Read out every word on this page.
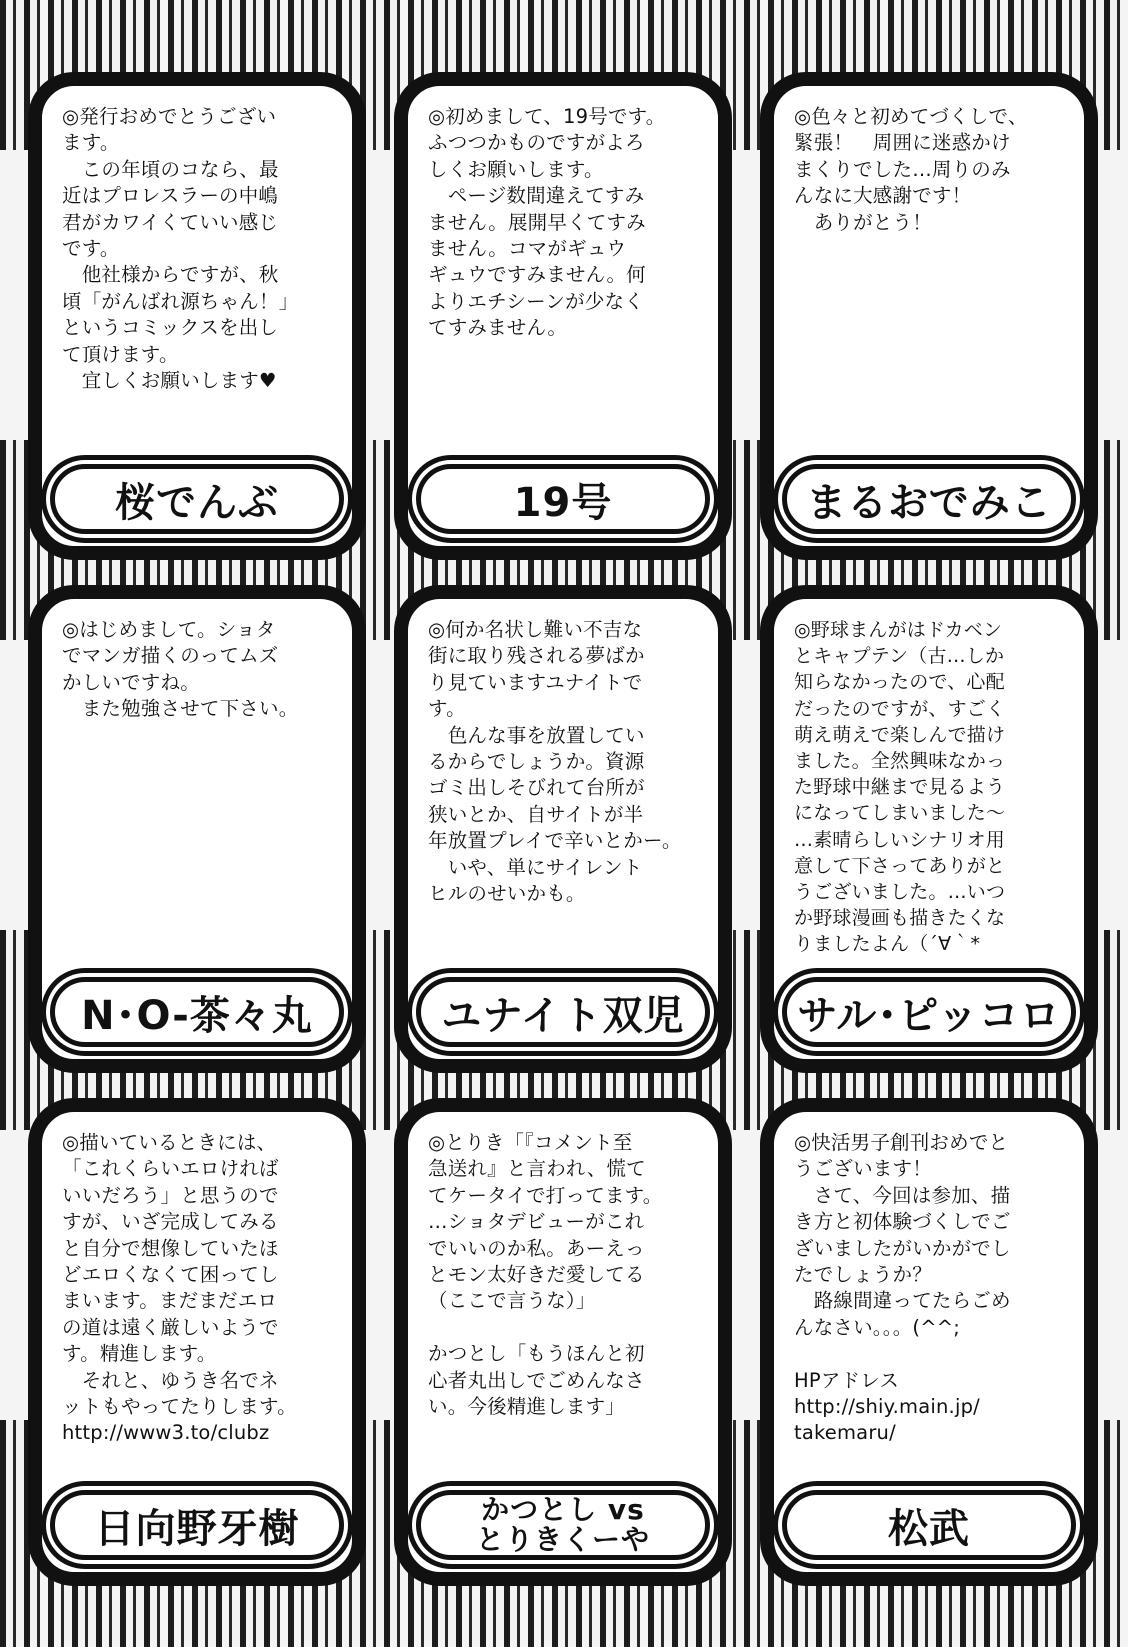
◎発行おめでとうござい
ます。
　この年頃のコなら、最
近はプロレスラーの中嶋
君がカワイくていい感じ
です。
　他社様からですが、秋
頃「がんばれ源ちゃん！」
というコミックスを出し
て頂けます。
　宜しくお願いします♥
桜でんぶ
◎初めまして、19号です。
ふつつかものですがよろ
しくお願いします。
　ページ数間違えてすみ
ません。展開早くてすみ
ません。コマがギュウ
ギュウですみません。何
よりエチシーンが少なく
てすみません。
19号
◎色々と初めてづくしで、
緊張！　周囲に迷惑かけ
まくりでした…周りのみ
んなに大感謝です！
　ありがとう！
まるおでみこ
◎はじめまして。ショタ
でマンガ描くのってムズ
かしいですね。
　また勉強させて下さい。
N･O-茶々丸
◎何か名状し難い不吉な
街に取り残される夢ばか
り見ていますユナイトで
す。
　色んな事を放置してい
るからでしょうか。資源
ゴミ出しそびれて台所が
狭いとか、自サイトが半
年放置プレイで辛いとかー。
　いや、単にサイレント
ヒルのせいかも。
ユナイト双児
◎野球まんがはドカベン
とキャプテン（古…しか
知らなかったので、心配
だったのですが、すごく
萌え萌えで楽しんで描け
ました。全然興味なかっ
た野球中継まで見るよう
になってしまいました～
…素晴らしいシナリオ用
意して下さってありがと
うございました。…いつ
か野球漫画も描きたくな
りましたよん（´∀｀*
サル･ピッコロ
◎描いているときには、
「これくらいエロければ
いいだろう」と思うので
すが、いざ完成してみる
と自分で想像していたほ
どエロくなくて困ってし
まいます。まだまだエロ
の道は遠く厳しいようで
す。精進します。
　それと、ゆうき名でネ
ットもやってたりします。
http://www3.to/clubz
日向野牙樹
◎とりき「『コメント至
急送れ』と言われ、慌て
てケータイで打ってます。
…ショタデビューがこれ
でいいのか私。あーえっ
とモン太好きだ愛してる
（ここで言うな）」

かつとし「もうほんと初
心者丸出しでごめんなさ
い。今後精進します」
かつとし vs
とりきくーや
◎快活男子創刊おめでと
うございます！
　さて、今回は参加、描
き方と初体験づくしでご
ざいましたがいかがでし
たでしょうか？
　路線間違ってたらごめ
んなさい。。。(^^;

HPアドレス
http://shiy.main.jp/
takemaru/
松武
